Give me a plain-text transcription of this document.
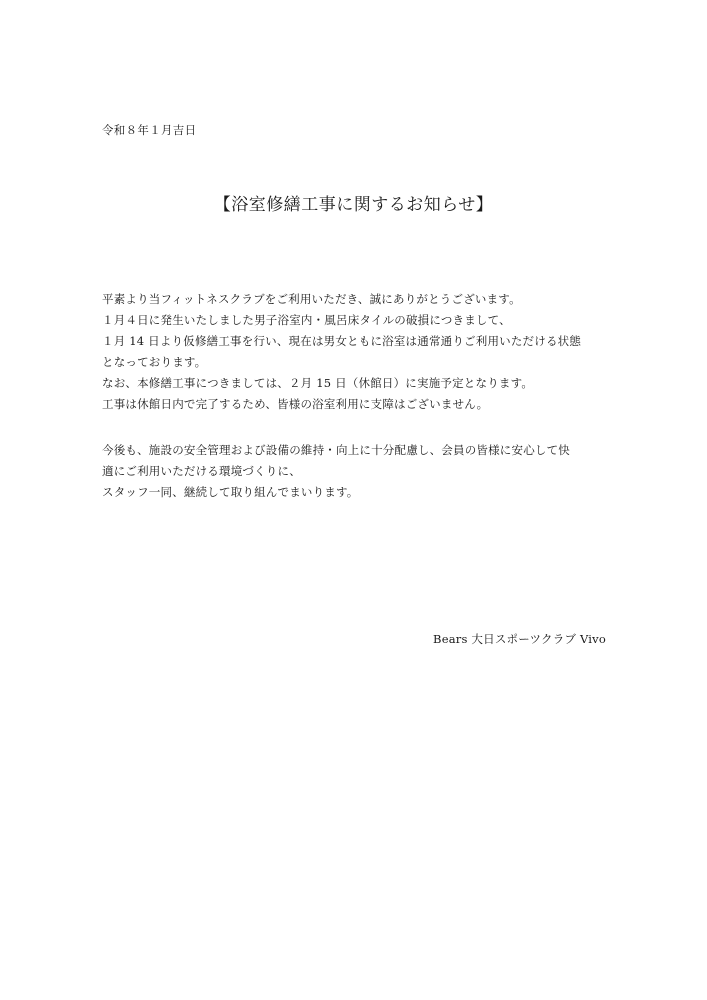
令和８年１月吉日
【浴室修繕工事に関するお知らせ】
平素より当フィットネスクラブをご利用いただき、誠にありがとうございます。
１月４日に発生いたしました男子浴室内・風呂床タイルの破損につきまして、
１月 14 日より仮修繕工事を行い、現在は男女ともに浴室は通常通りご利用いただける状態
となっております。
なお、本修繕工事につきましては、２月 15 日（休館日）に実施予定となります。
工事は休館日内で完了するため、皆様の浴室利用に支障はございません。
今後も、施設の安全管理および設備の維持・向上に十分配慮し、会員の皆様に安心して快
適にご利用いただける環境づくりに、
スタッフ一同、継続して取り組んでまいります。
Bears 大日スポーツクラブ Vivo
